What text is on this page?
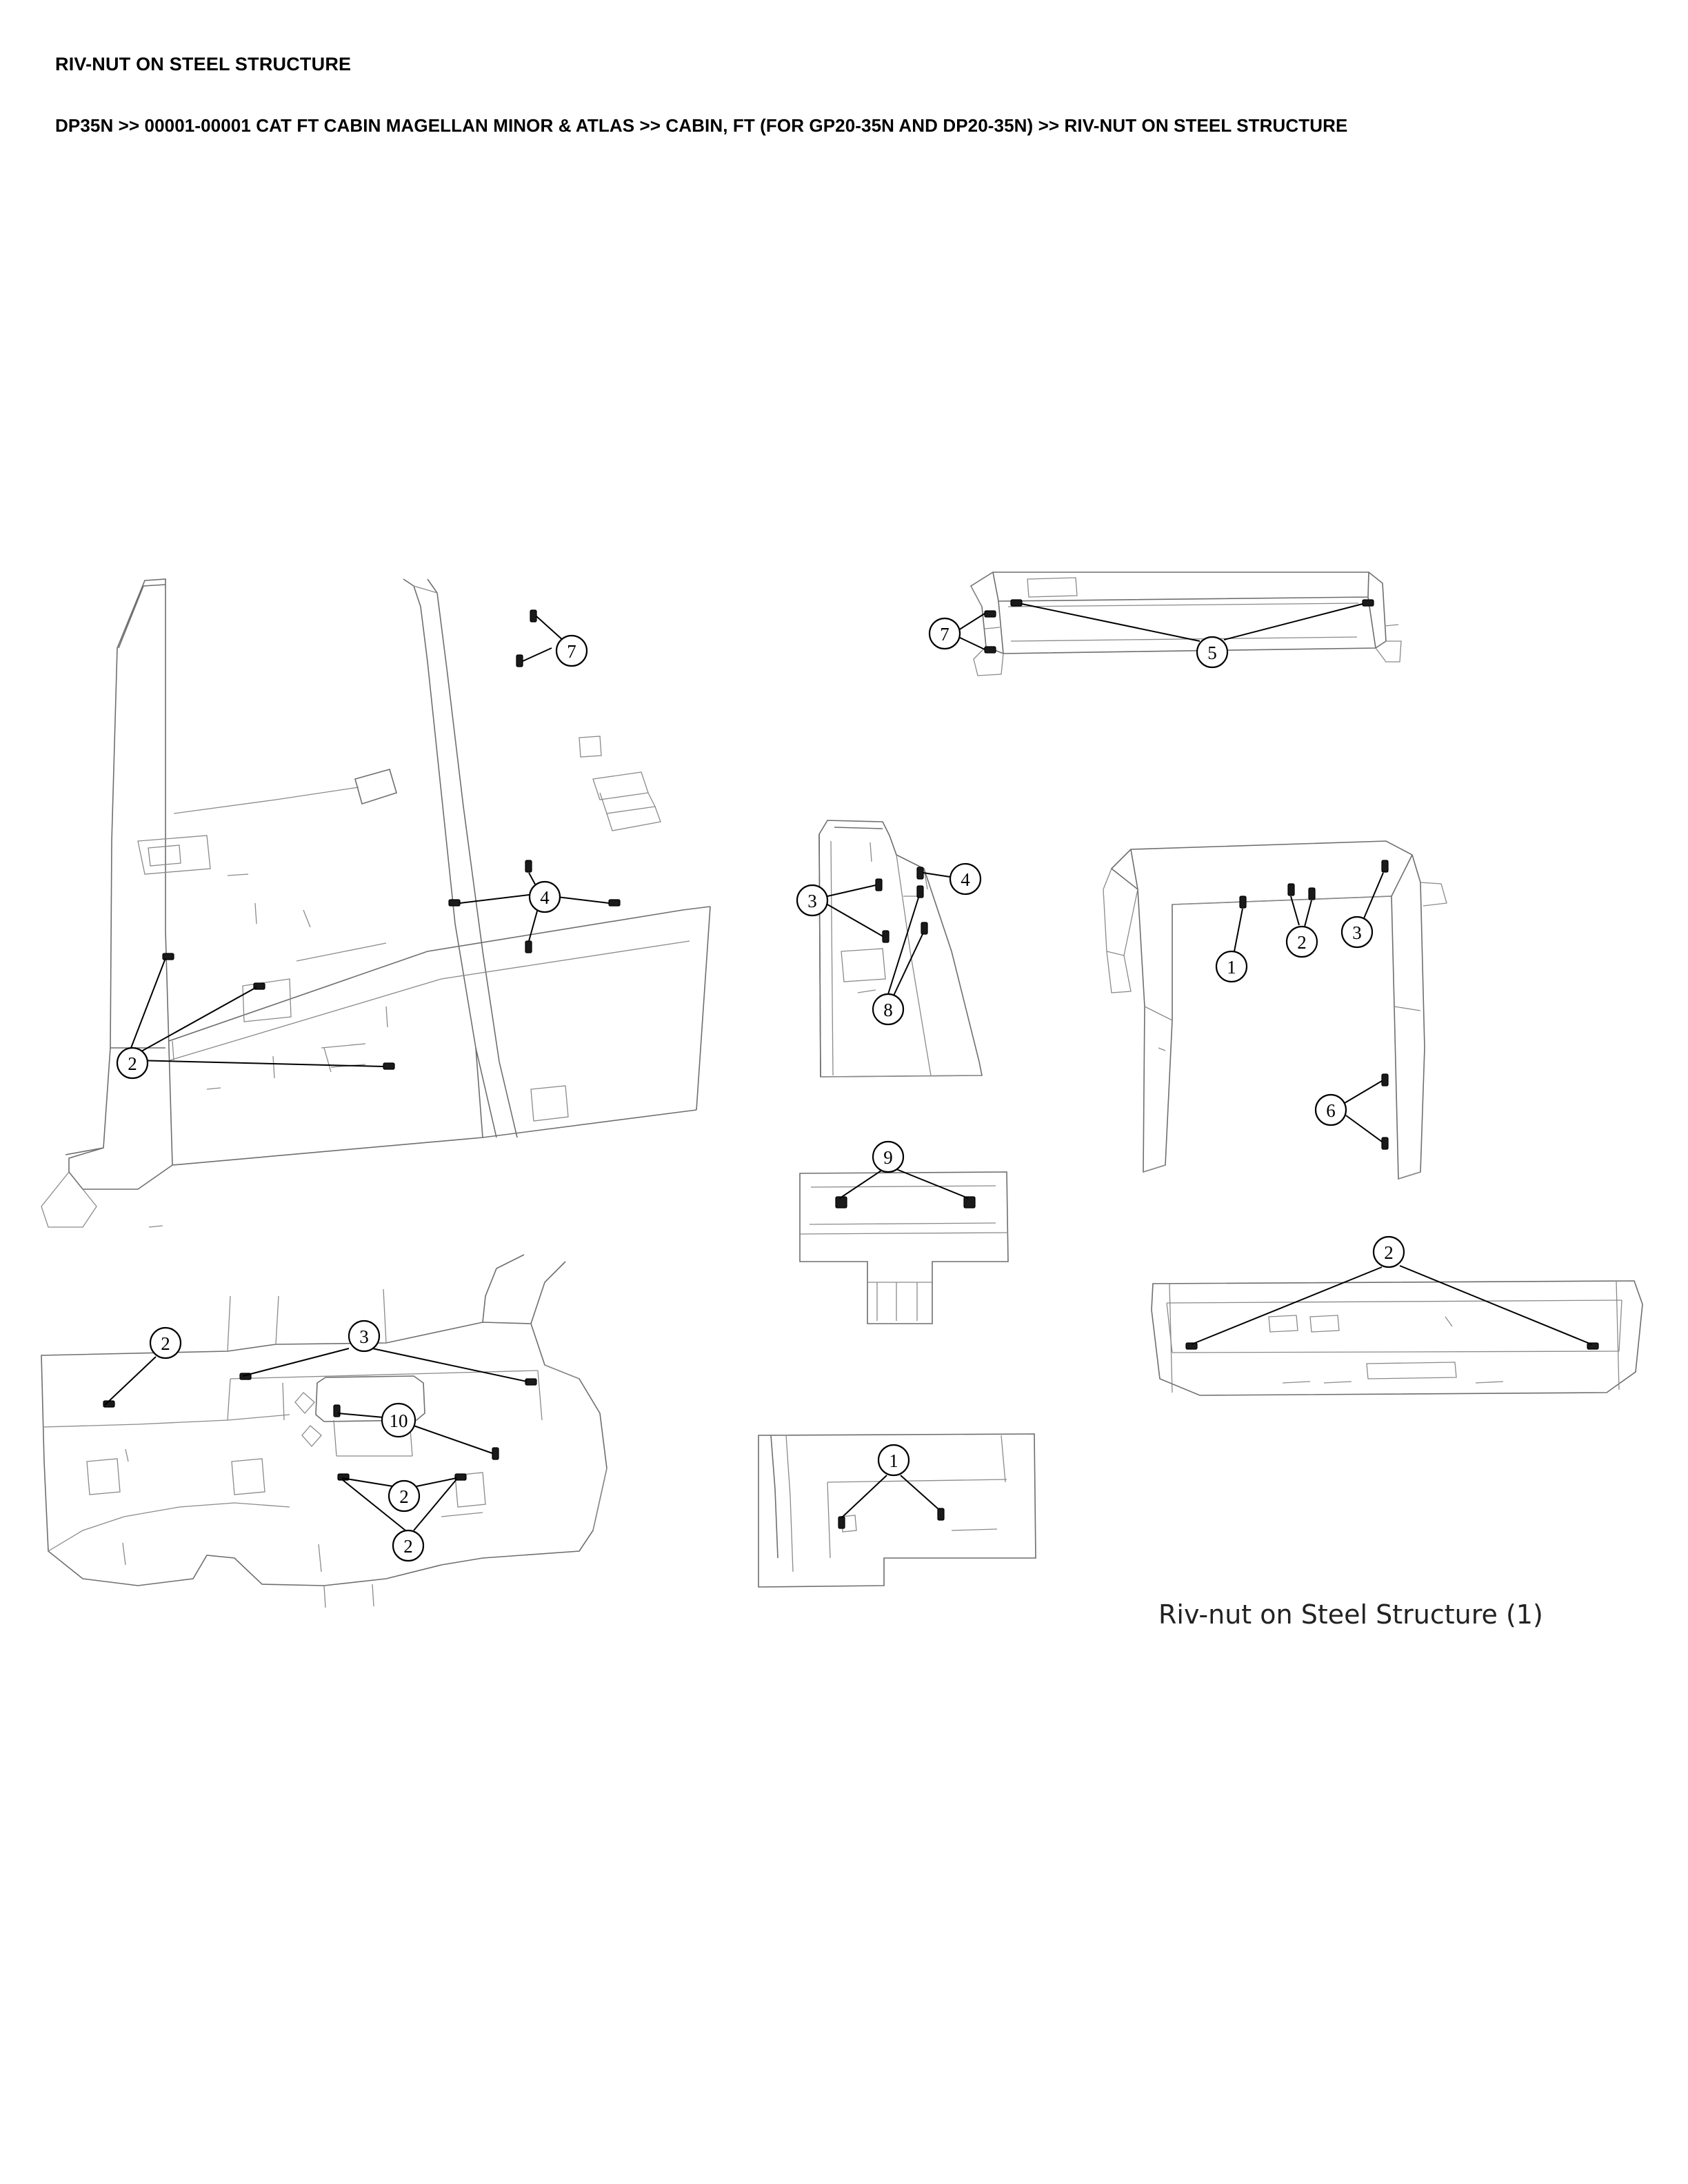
RIV-NUT ON STEEL STRUCTURE
DP35N >> 00001-00001 CAT FT CABIN MAGELLAN MINOR & ATLAS >> CABIN, FT (FOR GP20-35N AND DP20-35N) >> RIV-NUT ON STEEL STRUCTURE
7
4
2
7
5
3
4
8
1
2 3
6
9
2
2	3
10
2
2
1
Riv-nut on Steel Structure (1)
